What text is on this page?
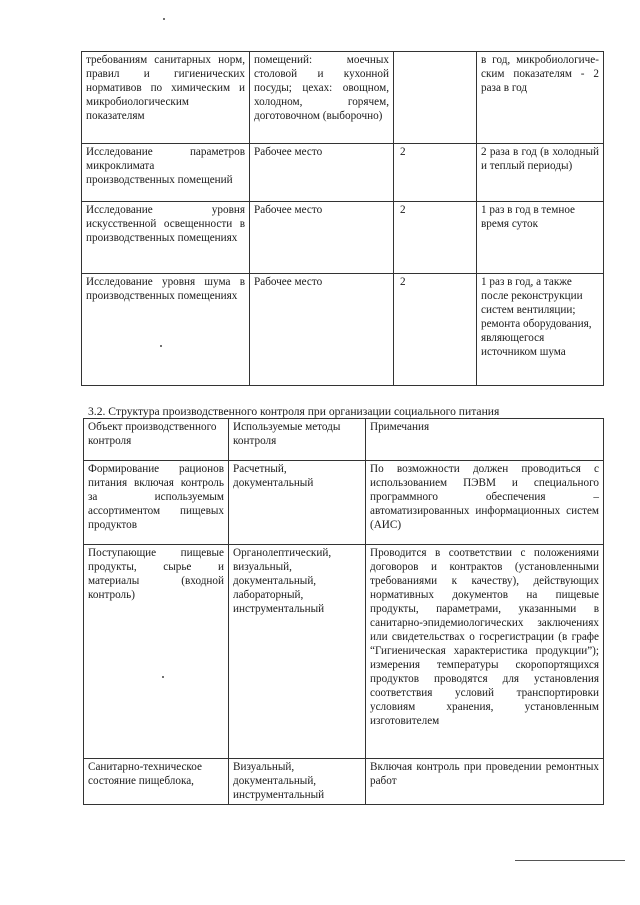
требованиям санитарных норм, правил и гигиенических нормативов по химическим и микробиологическим показателям	помещений: моечных столовой и кухонной посуды; цехах: овощном, холодном, горячем, доготовочном (выборочно)		в год, микробиологиче-ским показателям - 2 раза в год
Исследование параметров микроклимата производственных помещений	Рабочее место	2	2 раза в год (в холодный и теплый периоды)
Исследование уровня искусственной освещенности в производственных помещениях	Рабочее место	2	1 раз в год в темное время суток
Исследование уровня шума в производственных помещениях	Рабочее место	2	1 раз в год, а также после реконструкции систем вентиляции; ремонта оборудования, являющегося источником шума
3.2. Структура производственного контроля при организации социального питания
Объект производственного контроля	Используемые методы контроля	Примечания
Формирование рационов питания включая контроль за используемым ассортиментом пищевых продуктов	Расчетный, документальный	По возможности должен проводиться с использованием ПЭВМ и специального программного обеспечения – автоматизированных информационных систем (АИС)
Поступающие пищевые продукты, сырье и материалы (входной контроль)	Органолептический, визуальный, документальный, лабораторный, инструментальный	Проводится в соответствии с положениями договоров и контрактов (установленными требованиями к качеству), действующих нормативных документов на пищевые продукты, параметрами, указанными в санитарно-эпидемиологических заключениях или свидетельствах о госрегистрации (в графе “Гигиеническая характеристика продукции”); измерения температуры скоропортящихся продуктов проводятся для установления соответствия условий транспортировки условиям хранения, установленным изготовителем
Санитарно-техническое состояние пищеблока,	Визуальный, документальный, инструментальный	Включая контроль при проведении ремонтных работ
